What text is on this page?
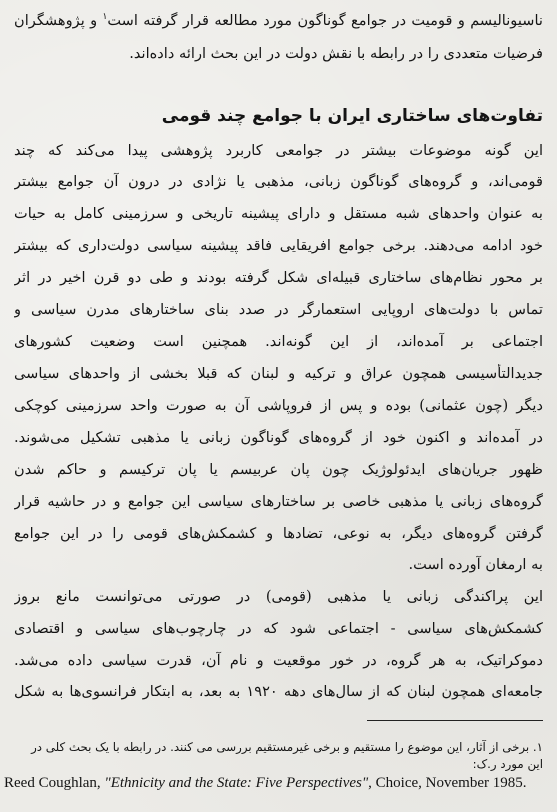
ناسیونالیسم و قومیت در جوامع گوناگون مورد مطالعه قرار گرفته است$^۱$ و پژوهشگران

فرضیات متعددی را در رابطه با نقش دولت در این بحث ارائه داده‌اند.

تفاوت‌های ساختاری ایران با جوامع چند قومی

این گونه موضوعات بیشتر در جوامعی کاربرد پژوهشی پیدا می‌کند که چند

قومی‌اند، و گروه‌های گوناگون زبانی، مذهبی یا نژادی در درون آن جوامع بیشتر

به عنوان واحدهای شبه مستقل و دارای پیشینه تاریخی و سرزمینی کامل به حیات

خود ادامه می‌دهند. برخی جوامع افریقایی فاقد پیشینه سیاسی دولت‌داری که بیشتر

بر محور نظام‌های ساختاری قبیله‌ای شکل گرفته بودند و طی دو قرن اخیر در اثر

تماس با دولت‌های اروپایی استعمارگر در صدد بنای ساختارهای مدرن سیاسی و

اجتماعی بر آمده‌اند، از این گونه‌اند. همچنین است وضعیت کشورهای

جدیدالتأسیسی همچون عراق و ترکیه و لبنان که قبلا بخشی از واحدهای سیاسی

دیگر (چون عثمانی) بوده و پس از فروپاشی آن به صورت واحد سرزمینی کوچکی

در آمده‌اند و اکنون خود از گروه‌های گوناگون زبانی یا مذهبی تشکیل می‌شوند.

ظهور جریان‌های ایدئولوژیک چون پان عربیسم یا پان ترکیسم و حاکم شدن

گروه‌های زبانی یا مذهبی خاصی بر ساختارهای سیاسی این جوامع و در حاشیه قرار

گرفتن گروه‌های دیگر، به نوعی، تضادها و کشمکش‌های قومی را در این جوامع

به ارمغان آورده است.

این پراکندگی زبانی یا مذهبی (قومی) در صورتی می‌توانست مانع بروز

کشمکش‌های سیاسی - اجتماعی شود که در چارچوب‌های سیاسی و اقتصادی

دموکراتیک، به هر گروه، در خور موقعیت و نام آن، قدرت سیاسی داده می‌شد.

جامعه‌ای همچون لبنان که از سال‌های دهه ۱۹۲۰ به بعد، به ابتکار فرانسوی‌ها به شکل

۱. برخی از آثار، این موضوع را مستقیم و برخی غیرمستقیم بررسی می کنند. در رابطه با یک بحث کلی در

این مورد ر.ک:

Reed Coughlan, "Ethnicity and the State: Five Perspectives", Choice, November 1985.
